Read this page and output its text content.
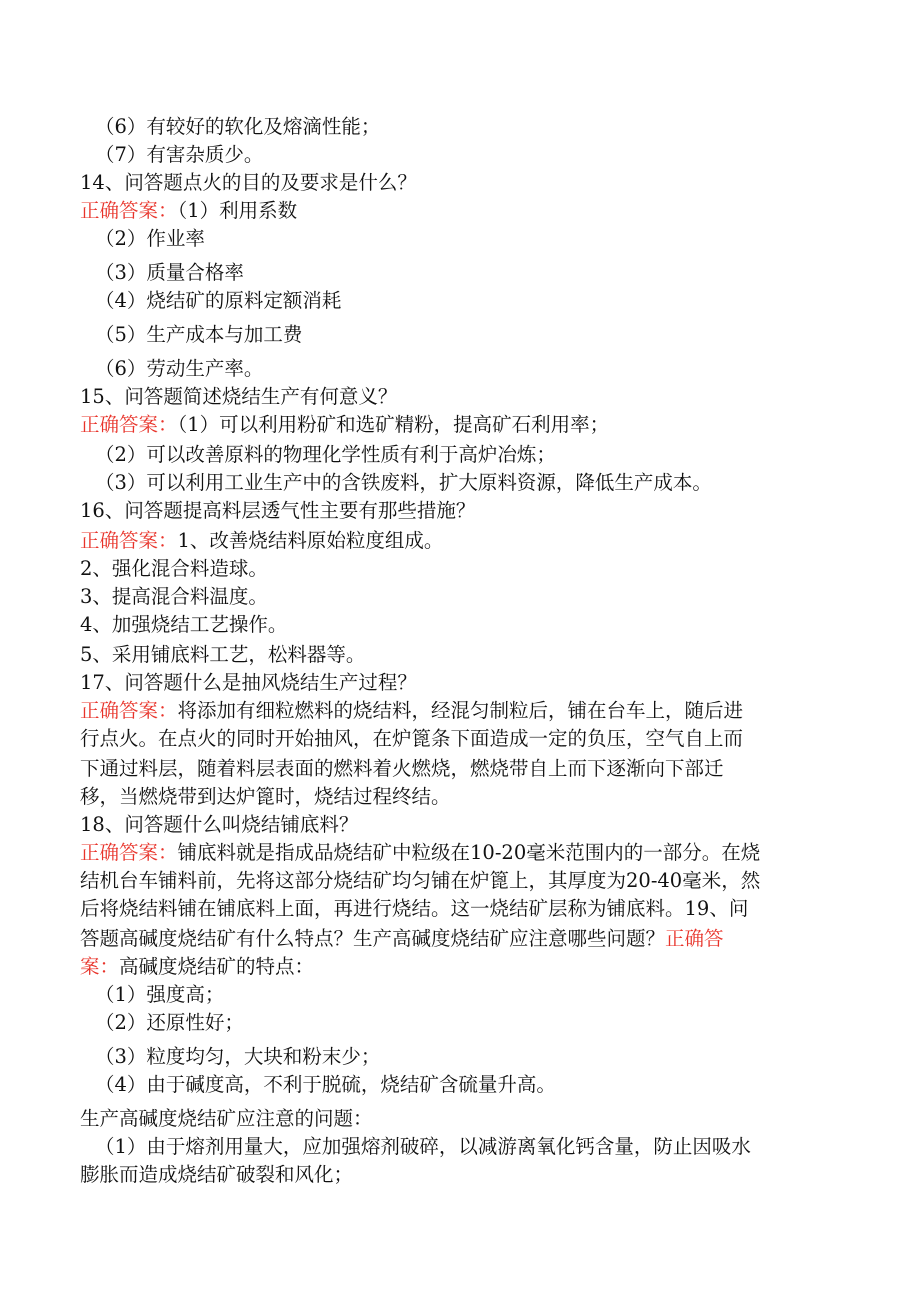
（6）有较好的软化及熔滴性能；
（7）有害杂质少。
14、问答题点火的目的及要求是什么？
正确答案：（1）利用系数
（2）作业率
（3）质量合格率
（4）烧结矿的原料定额消耗
（5）生产成本与加工费
（6）劳动生产率。
15、问答题简述烧结生产有何意义？
正确答案：（1）可以利用粉矿和选矿精粉，提高矿石利用率；
（2）可以改善原料的物理化学性质有利于高炉冶炼；
（3）可以利用工业生产中的含铁废料，扩大原料资源，降低生产成本。
16、问答题提高料层透气性主要有那些措施？
正确答案：1、改善烧结料原始粒度组成。
2、强化混合料造球。
3、提高混合料温度。
4、加强烧结工艺操作。
5、采用铺底料工艺，松料器等。
17、问答题什么是抽风烧结生产过程？
正确答案：将添加有细粒燃料的烧结料，经混匀制粒后，铺在台车上，随后进
行点火。在点火的同时开始抽风，在炉篦条下面造成一定的负压，空气自上而
下通过料层，随着料层表面的燃料着火燃烧，燃烧带自上而下逐渐向下部迁
移，当燃烧带到达炉篦时，烧结过程终结。
18、问答题什么叫烧结铺底料？
正确答案：铺底料就是指成品烧结矿中粒级在10-20毫米范围内的一部分。在烧
结机台车铺料前，先将这部分烧结矿均匀铺在炉篦上，其厚度为20-40毫米，然
后将烧结料铺在铺底料上面，再进行烧结。这一烧结矿层称为铺底料。19、问
答题高碱度烧结矿有什么特点？生产高碱度烧结矿应注意哪些问题？正确答
案：高碱度烧结矿的特点：
（1）强度高；
（2）还原性好；
（3）粒度均匀，大块和粉末少；
（4）由于碱度高，不利于脱硫，烧结矿含硫量升高。
生产高碱度烧结矿应注意的问题：
（1）由于熔剂用量大，应加强熔剂破碎，以减游离氧化钙含量，防止因吸水
膨胀而造成烧结矿破裂和风化；
